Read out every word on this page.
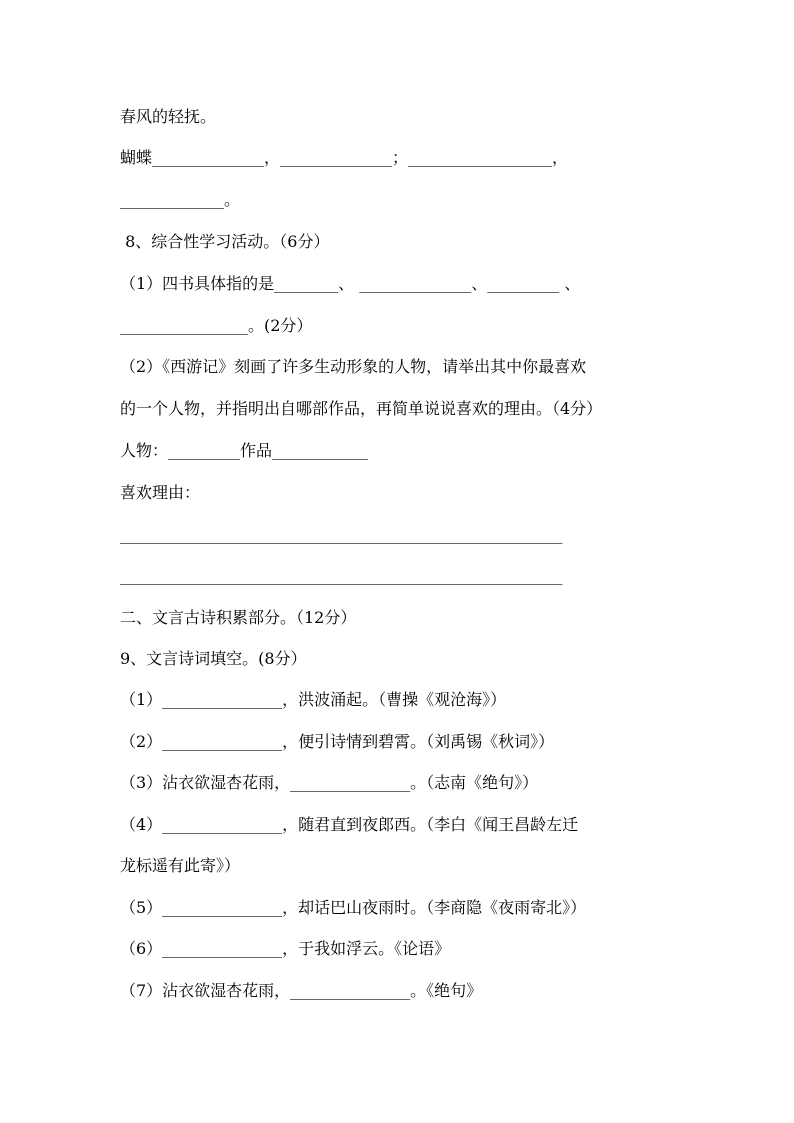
春风的轻抚。
蝴蝶______________，______________；__________________，
_____________。
8、综合性学习活动。（6分）
（1）四书具体指的是________、 ______________、_________ 、
________________。(2分）
（2）《西游记》刻画了许多生动形象的人物，请举出其中你最喜欢
的一个人物，并指明出自哪部作品，再简单说说喜欢的理由。（4分）
人物：_________作品____________
喜欢理由：
___________________________________________________________
___________________________________________________________
二、文言古诗积累部分。（12分）
9、文言诗词填空。(8分）
（1）_______________，洪波涌起。（曹操《观沧海》）
（2）_______________，便引诗情到碧霄。（刘禹锡《秋词》）
（3）沾衣欲湿杏花雨，_______________。（志南《绝句》）
（4）_______________，随君直到夜郎西。（李白《闻王昌龄左迁
龙标遥有此寄》）
（5）_______________，却话巴山夜雨时。（李商隐《夜雨寄北》）
（6）_______________，于我如浮云。《论语》
（7）沾衣欲湿杏花雨，_______________。《绝句》
